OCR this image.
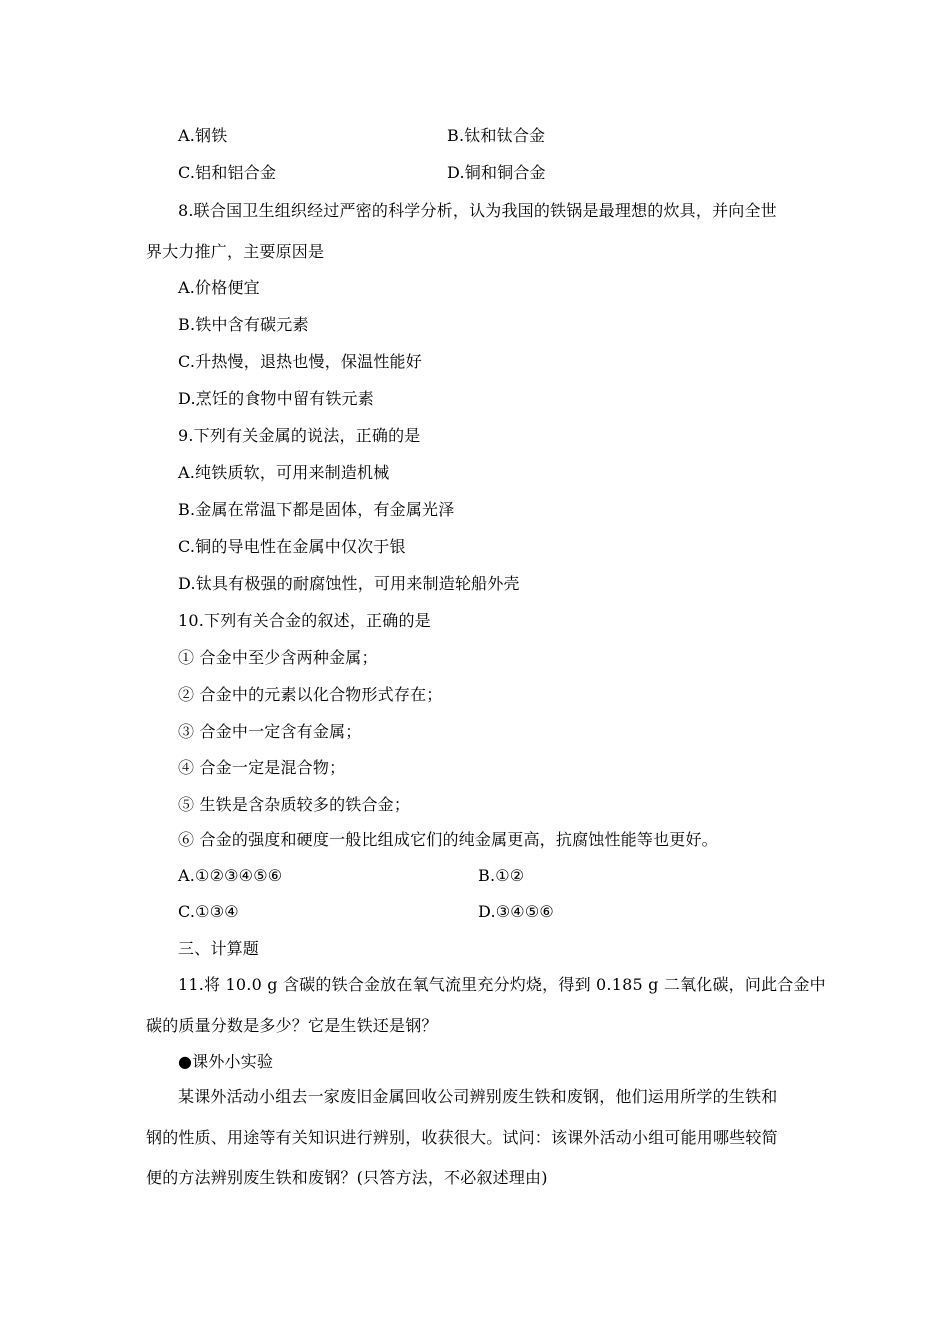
A.钢铁	B.钛和钛合金
C.铝和铝合金	D.铜和铜合金
8.联合国卫生组织经过严密的科学分析，认为我国的铁锅是最理想的炊具，并向全世
界大力推广，主要原因是
A.价格便宜
B.铁中含有碳元素
C.升热慢，退热也慢，保温性能好
D.烹饪的食物中留有铁元素
9.下列有关金属的说法，正确的是
A.纯铁质软，可用来制造机械
B.金属在常温下都是固体，有金属光泽
C.铜的导电性在金属中仅次于银
D.钛具有极强的耐腐蚀性，可用来制造轮船外壳
10.下列有关合金的叙述，正确的是
① 合金中至少含两种金属；
② 合金中的元素以化合物形式存在；
③ 合金中一定含有金属；
④ 合金一定是混合物；
⑤ 生铁是含杂质较多的铁合金；
⑥ 合金的强度和硬度一般比组成它们的纯金属更高，抗腐蚀性能等也更好。
A.①②③④⑤⑥	B.①②
C.①③④	D.③④⑤⑥
三、计算题
11.将 10.0 g 含碳的铁合金放在氧气流里充分灼烧，得到 0.185 g 二氧化碳，问此合金中
碳的质量分数是多少？它是生铁还是钢？
●课外小实验
某课外活动小组去一家废旧金属回收公司辨别废生铁和废钢，他们运用所学的生铁和
钢的性质、用途等有关知识进行辨别，收获很大。试问：该课外活动小组可能用哪些较简
便的方法辨别废生铁和废钢？(只答方法，不必叙述理由)
